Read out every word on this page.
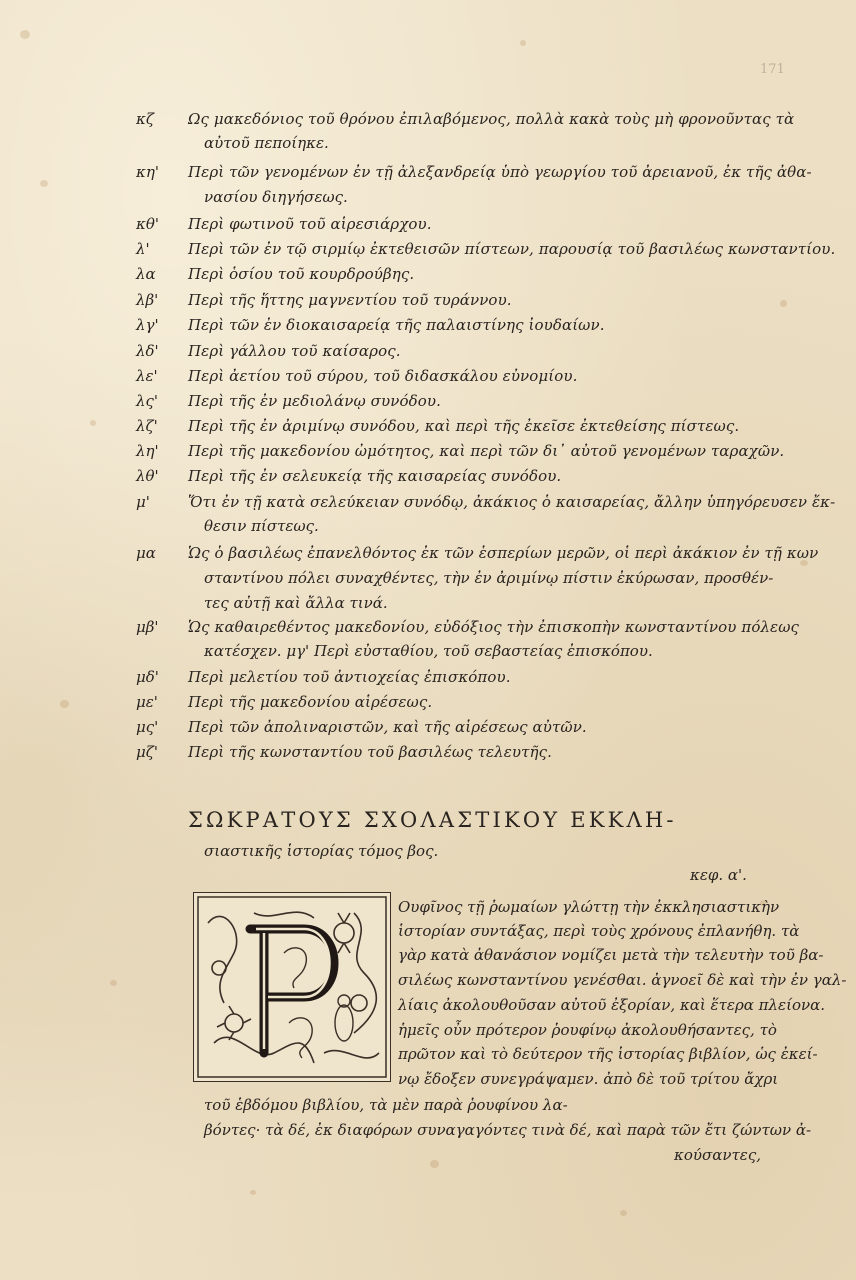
171
κζ	Ως μακεδόνιος τοῦ θρόνου ἐπιλαβόμενος, πολλὰ κακὰ τοὺς μὴ φρονοῦντας τὰ
αὐτοῦ πεποίηκε.
κη'	Περὶ τῶν γενομένων ἐν τῇ ἀλεξανδρείᾳ ὑπὸ γεωργίου τοῦ ἀρειανοῦ, ἐκ τῆς ἀθα-
νασίου διηγήσεως.
κθ'	Περὶ φωτινοῦ τοῦ αἱρεσιάρχου.
λ'	Περὶ τῶν ἐν τῷ σιρμίῳ ἐκτεθεισῶν πίστεων, παρουσίᾳ τοῦ βασιλέως κωνσταντίου.
λα	Περὶ ὁσίου τοῦ κουρδρούβης.
λβ'	Περὶ τῆς ἥττης μαγνεντίου τοῦ τυράννου.
λγ'	Περὶ τῶν ἐν διοκαισαρείᾳ τῆς παλαιστίνης ἰουδαίων.
λδ'	Περὶ γάλλου τοῦ καίσαρος.
λε'	Περὶ ἀετίου τοῦ σύρου, τοῦ διδασκάλου εὐνομίου.
λς'	Περὶ τῆς ἐν μεδιολάνῳ συνόδου.
λζ'	Περὶ τῆς ἐν ἀριμίνῳ συνόδου, καὶ περὶ τῆς ἐκεῖσε ἐκτεθείσης πίστεως.
λη'	Περὶ τῆς μακεδονίου ὠμότητος, καὶ περὶ τῶν δι᾽ αὐτοῦ γενομένων ταραχῶν.
λθ'	Περὶ τῆς ἐν σελευκείᾳ τῆς καισαρείας συνόδου.
μ'	Ὅτι ἐν τῇ κατὰ σελεύκειαν συνόδῳ, ἀκάκιος ὁ καισαρείας, ἄλλην ὑπηγόρευσεν ἔκ-
θεσιν πίστεως.
μα	Ὡς ὁ βασιλέως ἐπανελθόντος ἐκ τῶν ἑσπερίων μερῶν, οἱ περὶ ἀκάκιον ἐν τῇ κων
σταντίνου πόλει συναχθέντες, τὴν ἐν ἀριμίνῳ πίστιν ἐκύρωσαν, προσθέν-
τες αὐτῇ καὶ ἄλλα τινά.
μβ'	Ὡς καθαιρεθέντος μακεδονίου, εὐδόξιος τὴν ἐπισκοπὴν κωνσταντίνου πόλεως
κατέσχεν. μγ' Περὶ εὐσταθίου, τοῦ σεβαστείας ἐπισκόπου.
μδ'	Περὶ μελετίου τοῦ ἀντιοχείας ἐπισκόπου.
με'	Περὶ τῆς μακεδονίου αἱρέσεως.
μς'	Περὶ τῶν ἀπολιναριστῶν, καὶ τῆς αἱρέσεως αὐτῶν.
μζ'	Περὶ τῆς κωνσταντίου τοῦ βασιλέως τελευτῆς.
ΣΩΚΡΑΤΟΥΣ ΣΧΟΛΑΣΤΙΚΟΥ ΕΚΚΛΗ-
σιαστικῆς ἱστορίας τόμος βος.
κεφ. α'.
Ουφῖνος τῇ ῥωμαίων γλώττῃ τὴν ἐκκλησιαστικὴν
ἱστορίαν συντάξας, περὶ τοὺς χρόνους ἐπλανήθη. τὰ
γὰρ κατὰ ἀθανάσιον νομίζει μετὰ τὴν τελευτὴν τοῦ βα-
σιλέως κωνσταντίνου γενέσθαι. ἀγνοεῖ δὲ καὶ τὴν ἐν γαλ-
λίαις ἀκολουθοῦσαν αὐτοῦ ἐξορίαν, καὶ ἕτερα πλείονα.
ἡμεῖς οὖν πρότερον ῥουφίνῳ ἀκολουθήσαντες, τὸ
πρῶτον καὶ τὸ δεύτερον τῆς ἱστορίας βιβλίον, ὡς ἐκεί-
νῳ ἔδοξεν συνεγράψαμεν. ἀπὸ δὲ τοῦ τρίτου ἄχρι
τοῦ ἑβδόμου βιβλίου, τὰ μὲν παρὰ ῥουφίνου λα-
βόντες· τὰ δέ, ἐκ διαφόρων συναγαγόντες τινὰ δέ, καὶ παρὰ τῶν ἔτι ζώντων ἀ-
κούσαντες,
